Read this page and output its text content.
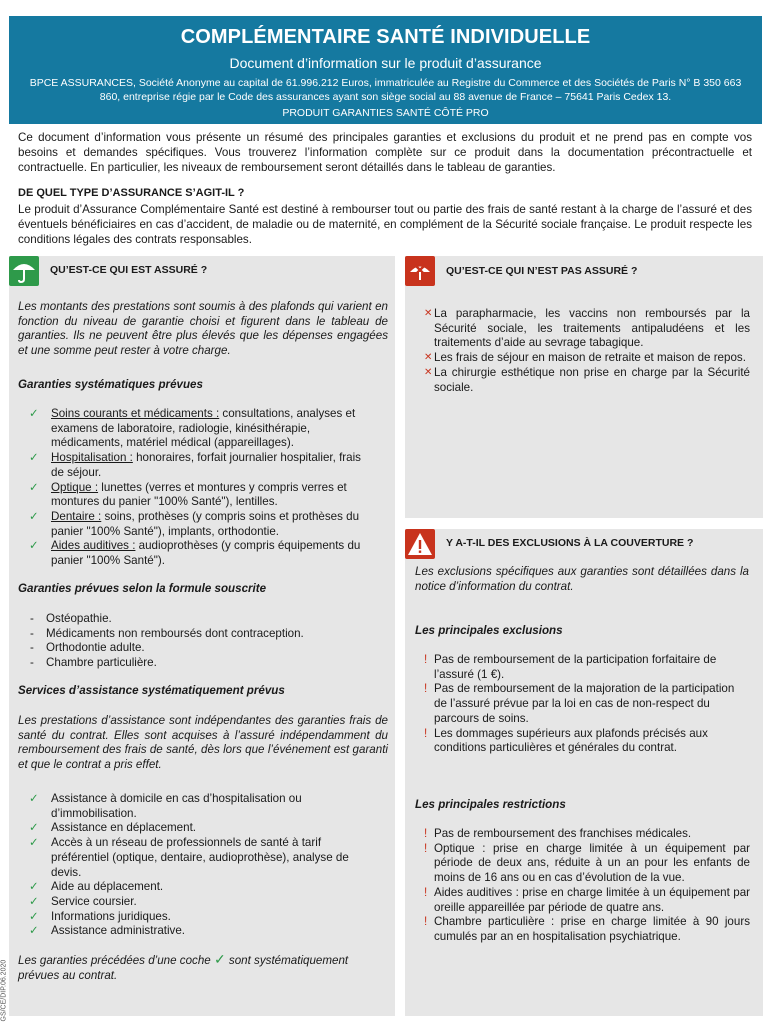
COMPLÉMENTAIRE SANTÉ INDIVIDUELLE
Document d’information sur le produit d’assurance
BPCE ASSURANCES, Société Anonyme au capital de 61.996.212 Euros, immatriculée au Registre du Commerce et des Sociétés de Paris N° B 350 663 860, entreprise régie par le Code des assurances ayant son siège social au 88 avenue de France – 75641 Paris Cedex 13.
PRODUIT GARANTIES SANTÉ CÔTÉ PRO
Ce document d’information vous présente un résumé des principales garanties et exclusions du produit et ne prend pas en compte vos besoins et demandes spécifiques. Vous trouverez l’information complète sur ce produit dans la documentation précontractuelle et contractuelle. En particulier, les niveaux de remboursement seront détaillés dans le tableau de garanties.
DE QUEL TYPE D’ASSURANCE S’AGIT-IL ?
Le produit d’Assurance Complémentaire Santé est destiné à rembourser tout ou partie des frais de santé restant à la charge de l’assuré et des éventuels bénéficiaires en cas d’accident, de maladie ou de maternité, en complément de la Sécurité sociale française. Le produit respecte les conditions légales des contrats responsables.
QU’EST-CE QUI EST ASSURÉ ?	QU’EST-CE QUI N’EST PAS ASSURÉ ?
Y A-T-IL DES EXCLUSIONS À LA COUVERTURE ?
Les montants des prestations sont soumis à des plafonds qui varient en fonction du niveau de garantie choisi et figurent dans le tableau de garanties. Ils ne peuvent être plus élevés que les dépenses engagées et une somme peut rester à votre charge.
Garanties systématiques prévues
✓ Soins courants et médicaments : consultations, analyses et examens de laboratoire, radiologie, kinésithérapie, médicaments, matériel médical (appareillages).
✓ Hospitalisation : honoraires, forfait journalier hospitalier, frais de séjour.
✓ Optique : lunettes (verres et montures y compris verres et montures du panier "100% Santé"), lentilles.
✓ Dentaire : soins, prothèses (y compris soins et prothèses du panier "100% Santé"), implants, orthodontie.
✓ Aides auditives : audioprothèses (y compris équipements du panier "100% Santé").
Garanties prévues selon la formule souscrite
- Ostéopathie.
- Médicaments non remboursés dont contraception.
- Orthodontie adulte.
- Chambre particulière.
Services d’assistance systématiquement prévus
Les prestations d’assistance sont indépendantes des garanties frais de santé du contrat. Elles sont acquises à l’assuré indépendamment du remboursement des frais de santé, dès lors que l’événement est garanti et que le contrat a pris effet.
✓ Assistance à domicile en cas d’hospitalisation ou d’immobilisation.
✓ Assistance en déplacement.
✓ Accès à un réseau de professionnels de santé à tarif préférentiel (optique, dentaire, audioprothèse), analyse de devis.
✓ Aide au déplacement.
✓ Service coursier.
✓ Informations juridiques.
✓ Assistance administrative.
Les garanties précédées d’une coche ✓ sont systématiquement prévues au contrat.
✕ La parapharmacie, les vaccins non remboursés par la Sécurité sociale, les traitements antipaludéens et les traitements d’aide au sevrage tabagique.
✕ Les frais de séjour en maison de retraite et maison de repos.
✕ La chirurgie esthétique non prise en charge par la Sécurité sociale.
Les exclusions spécifiques aux garanties sont détaillées dans la notice d’information du contrat.
Les principales exclusions
! Pas de remboursement de la participation forfaitaire de l’assuré (1 €).
! Pas de remboursement de la majoration de la participation de l’assuré prévue par la loi en cas de non-respect du parcours de soins.
! Les dommages supérieurs aux plafonds précisés aux conditions particulières et générales du contrat.
Les principales restrictions
! Pas de remboursement des franchises médicales.
! Optique : prise en charge limitée à un équipement par période de deux ans, réduite à un an pour les enfants de moins de 16 ans ou en cas d’évolution de la vue.
! Aides auditives : prise en charge limitée à un équipement par oreille appareillée par période de quatre ans.
! Chambre particulière : prise en charge limitée à 90 jours cumulés par an en hospitalisation psychiatrique.
GS/CE/DIP.06.2020
